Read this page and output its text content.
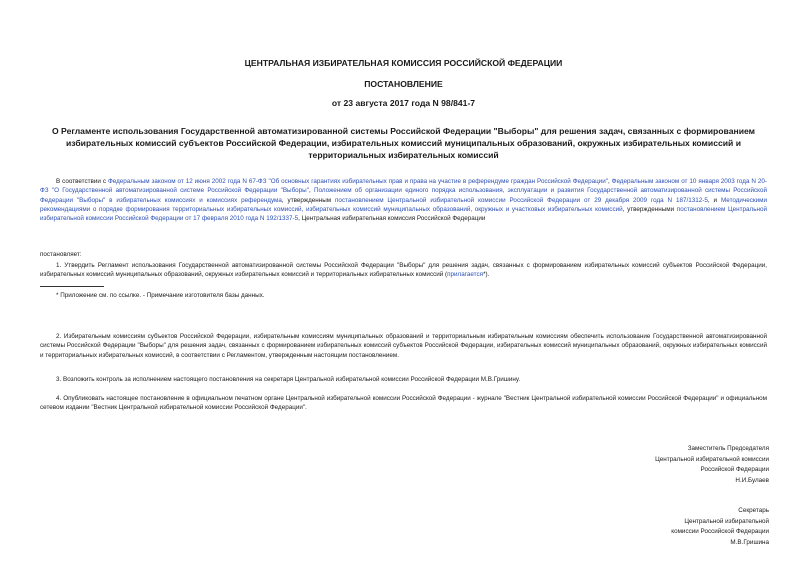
ЦЕНТРАЛЬНАЯ ИЗБИРАТЕЛЬНАЯ КОМИССИЯ РОССИЙСКОЙ ФЕДЕРАЦИИ
ПОСТАНОВЛЕНИЕ
от 23 августа 2017 года N 98/841-7
О Регламенте использования Государственной автоматизированной системы Российской Федерации "Выборы" для решения задач, связанных с формированием
избирательных комиссий субъектов Российской Федерации, избирательных комиссий муниципальных образований, окружных избирательных комиссий и
территориальных избирательных комиссий
В соответствии с Федеральным законом от 12 июня 2002 года N 67-ФЗ "Об основных гарантиях избирательных прав и права на участие в референдуме граждан Российской Федерации", Федеральным законом от 10 января 2003 года N 20-ФЗ "О Государственной автоматизированной системе Российской Федерации "Выборы", Положением об организации единого порядка использования, эксплуатации и развития Государственной автоматизированной системы Российской Федерации "Выборы" в избирательных комиссиях и комиссиях референдума, утвержденным постановлением Центральной избирательной комиссии Российской Федерации от 29 декабря 2009 года N 187/1312-5, и Методическими рекомендациями о порядке формирования территориальных избирательных комиссий, избирательных комиссий муниципальных образований, окружных и участковых избирательных комиссий, утвержденными постановлением Центральной избирательной комиссии Российской Федерации от 17 февраля 2010 года N 192/1337-5, Центральная избирательная комиссия Российской Федерации
постановляет:
1. Утвердить Регламент использования Государственной автоматизированной системы Российской Федерации "Выборы" для решения задач, связанных с формированием избирательных комиссий субъектов Российской Федерации, избирательных комиссий муниципальных образований, окружных избирательных комиссий и территориальных избирательных комиссий (прилагается*).
* Приложение см. по ссылке. - Примечание изготовителя базы данных.
2. Избирательным комиссиям субъектов Российской Федерации, избирательным комиссиям муниципальных образований и территориальным избирательным комиссиям обеспечить использование Государственной автоматизированной системы Российской Федерации "Выборы" для решения задач, связанных с формированием избирательных комиссий субъектов Российской Федерации, избирательных комиссий муниципальных образований, окружных избирательных комиссий и территориальных избирательных комиссий, в соответствии с Регламентом, утвержденным настоящим постановлением.
3. Возложить контроль за исполнением настоящего постановления на секретаря Центральной избирательной комиссии Российской Федерации М.В.Гришину.
4. Опубликовать настоящее постановление в официальном печатном органе Центральной избирательной комиссии Российской Федерации - журнале "Вестник Центральной избирательной комиссии Российской Федерации" и официальном сетевом издании "Вестник Центральной избирательной комиссии Российской Федерации".
Заместитель Председателя
Центральной избирательной комиссии
Российской Федерации
Н.И.Булаев
Секретарь
Центральной избирательной
комиссии Российской Федерации
М.В.Гришина
